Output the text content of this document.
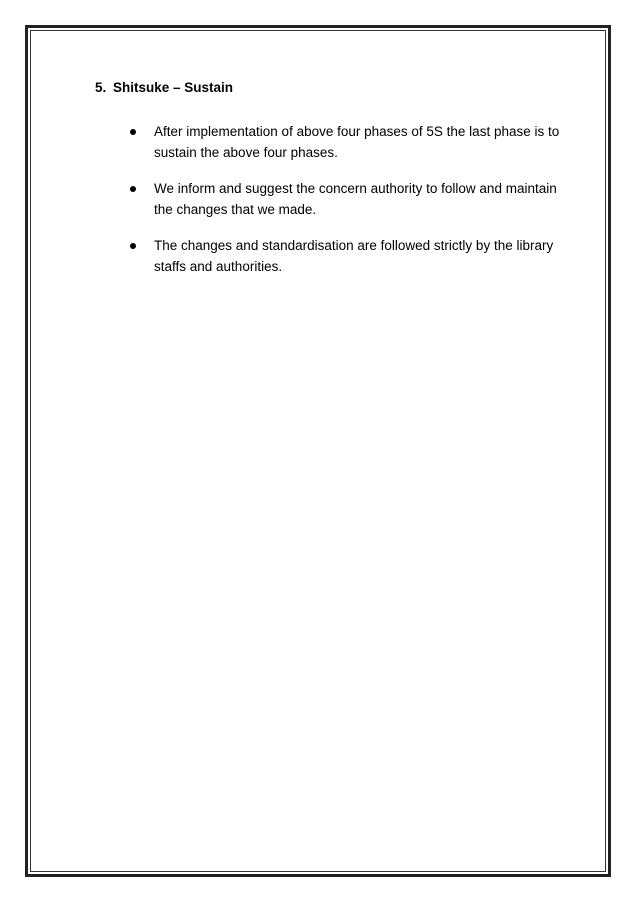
5. Shitsuke – Sustain
After implementation of above four phases of 5S the last phase is to sustain the above four phases.
We inform and suggest the concern authority to follow and maintain the changes that we made.
The changes and standardisation are followed strictly by the library staffs and authorities.
